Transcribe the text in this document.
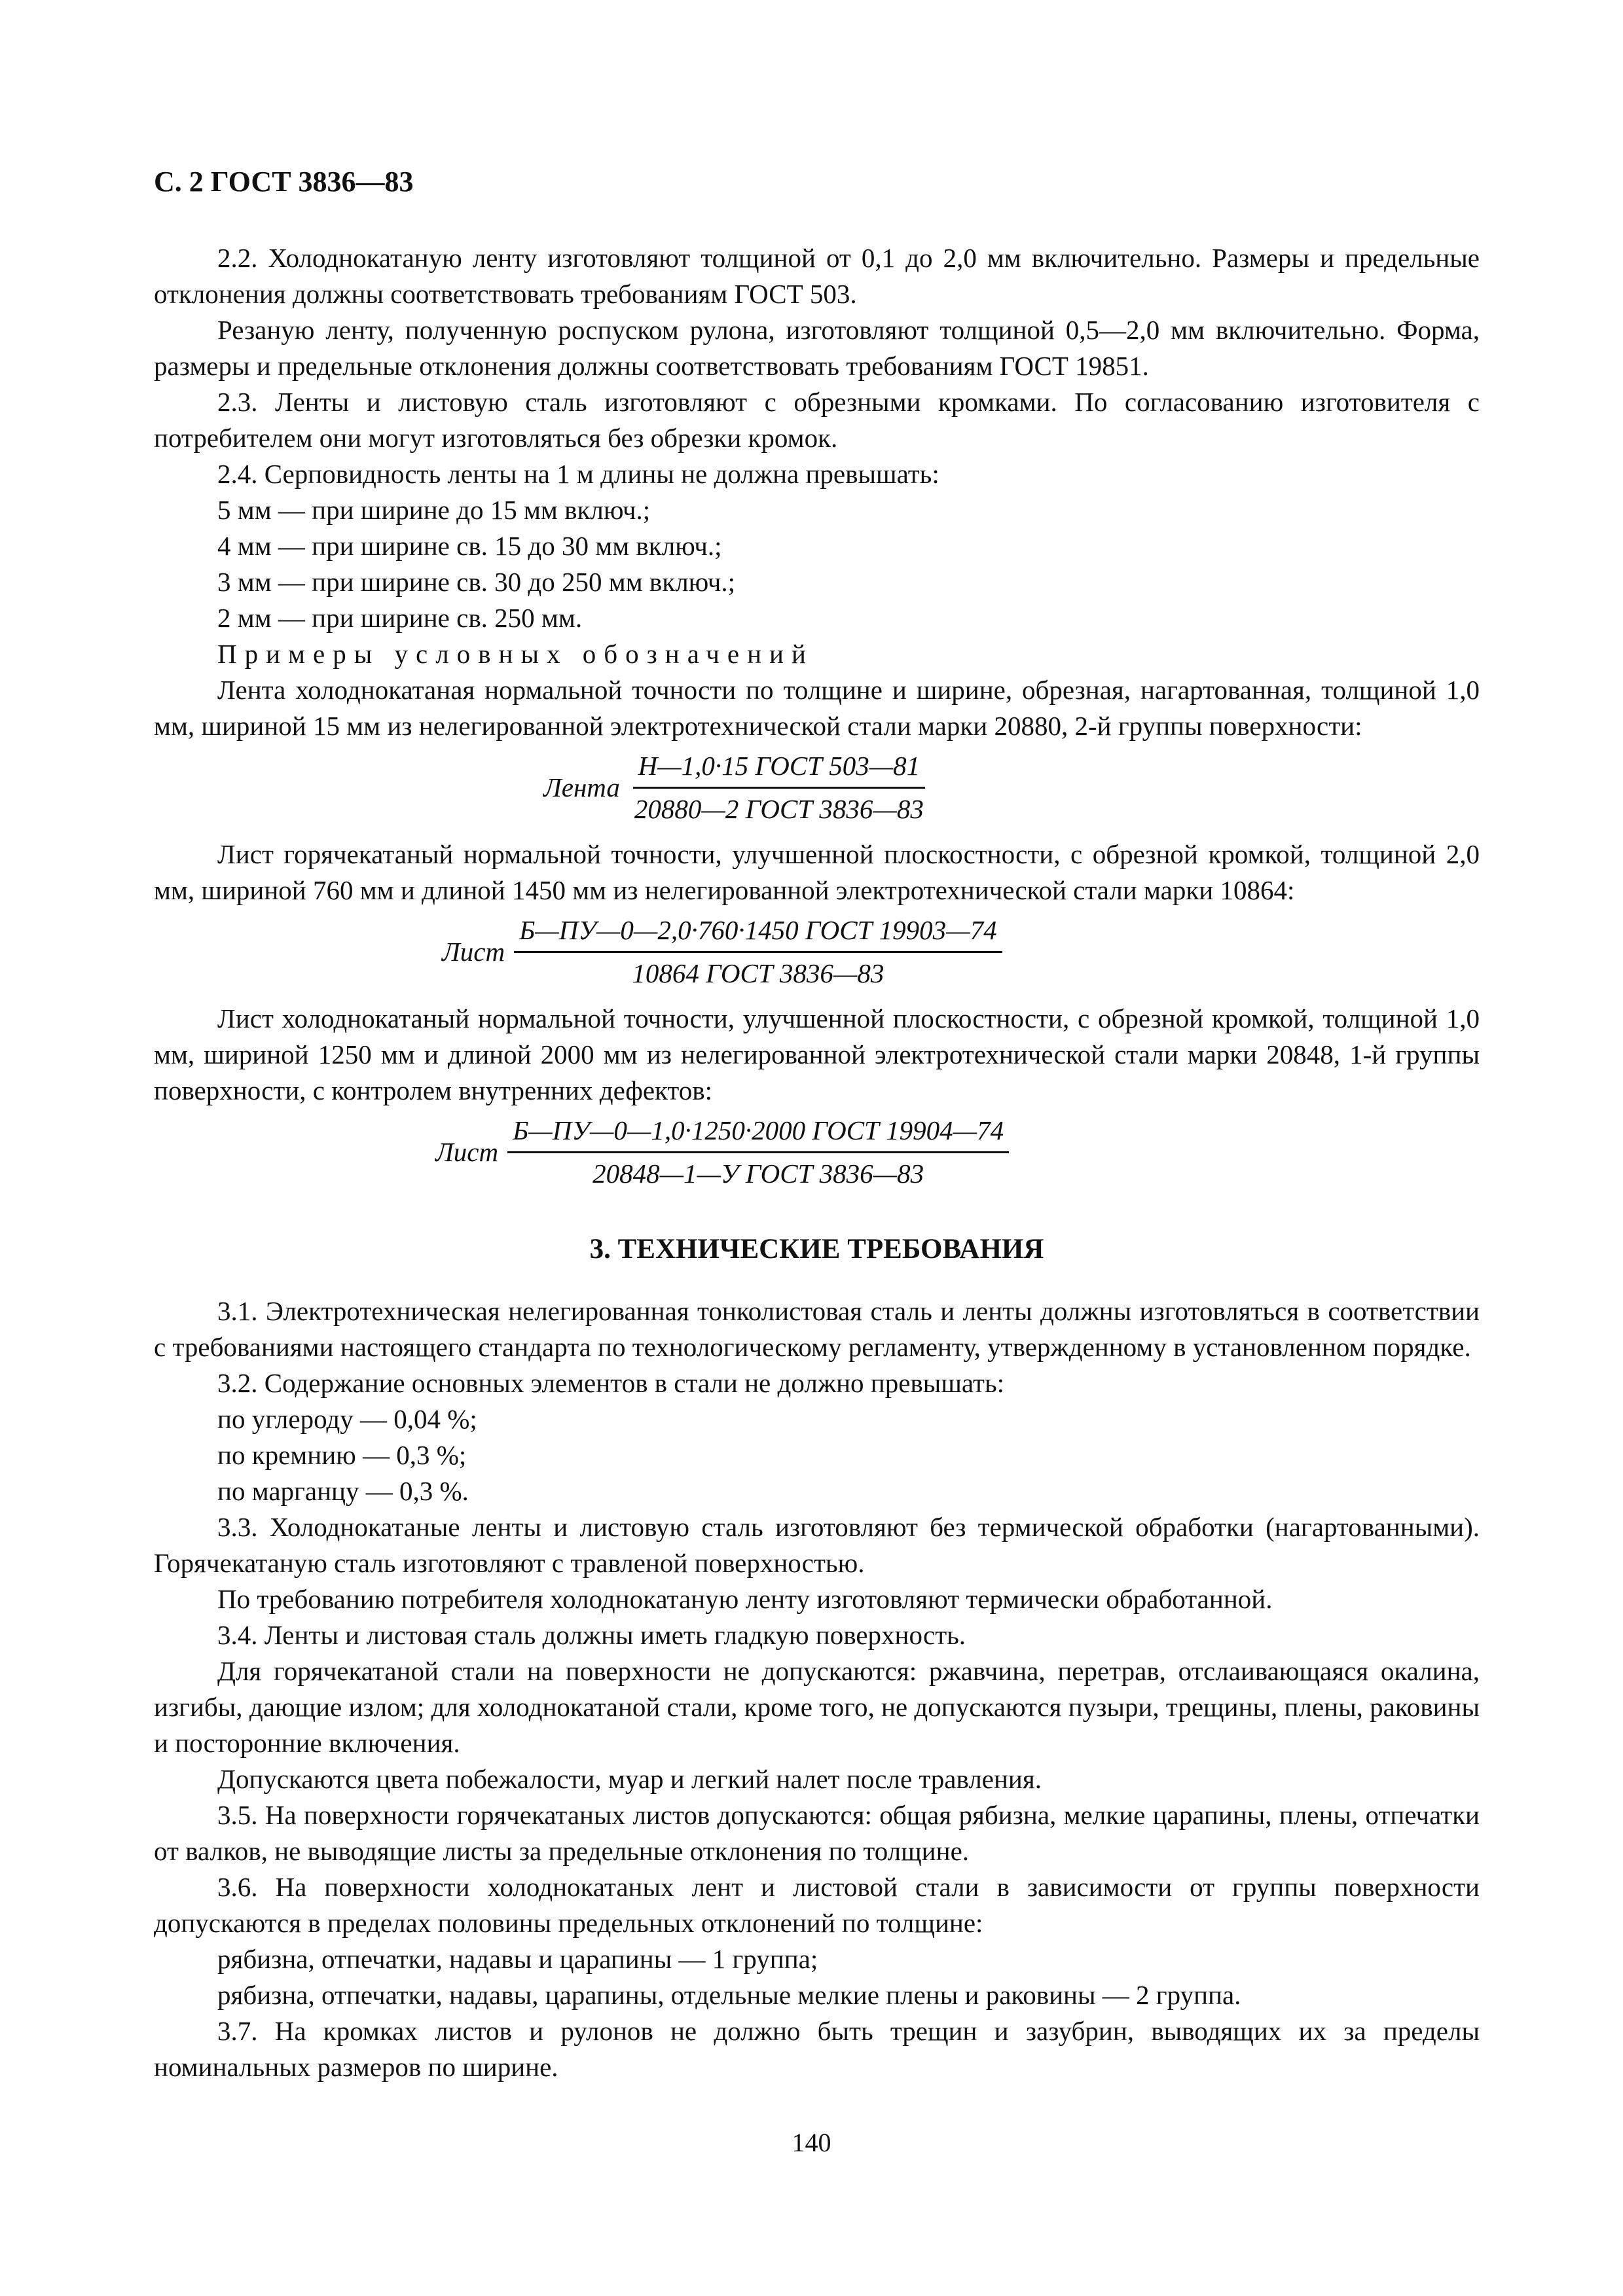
С. 2 ГОСТ 3836—83

2.2. Холоднокатаную ленту изготовляют толщиной от 0,1 до 2,0 мм включительно. Размеры и предельные отклонения должны соответствовать требованиям ГОСТ 503.

Резаную ленту, полученную роспуском рулона, изготовляют толщиной 0,5—2,0 мм включительно. Форма, размеры и предельные отклонения должны соответствовать требованиям ГОСТ 19851.

2.3. Ленты и листовую сталь изготовляют с обрезными кромками. По согласованию изготовителя с потребителем они могут изготовляться без обрезки кромок.

2.4. Серповидность ленты на 1 м длины не должна превышать:

5 мм — при ширине до 15 мм включ.;

4 мм — при ширине св. 15 до 30 мм включ.;

3 мм — при ширине св. 30 до 250 мм включ.;

2 мм — при ширине св. 250 мм.

Примеры условных обозначений

Лента холоднокатаная нормальной точности по толщине и ширине, обрезная, нагартованная, толщиной 1,0 мм, шириной 15 мм из нелегированной электротехнической стали марки 20880, 2-й группы поверхности:

Лента $\frac{\text{Н—1,0·15 ГОСТ 503—81}}{\text{20880—2 ГОСТ 3836—83}}$

Лист горячекатаный нормальной точности, улучшенной плоскостности, с обрезной кромкой, толщиной 2,0 мм, шириной 760 мм и длиной 1450 мм из нелегированной электротехнической стали марки 10864:

Лист $\frac{\text{Б—ПУ—0—2,0·760·1450 ГОСТ 19903—74}}{\text{10864 ГОСТ 3836—83}}$

Лист холоднокатаный нормальной точности, улучшенной плоскостности, с обрезной кромкой, толщиной 1,0 мм, шириной 1250 мм и длиной 2000 мм из нелегированной электротехнической стали марки 20848, 1-й группы поверхности, с контролем внутренних дефектов:

Лист $\frac{\text{Б—ПУ—0—1,0·1250·2000 ГОСТ 19904—74}}{\text{20848—1—У ГОСТ 3836—83}}$
3. ТЕХНИЧЕСКИЕ ТРЕБОВАНИЯ

3.1. Электротехническая нелегированная тонколистовая сталь и ленты должны изготовляться в соответствии с требованиями настоящего стандарта по технологическому регламенту, утвержденному в установленном порядке.

3.2. Содержание основных элементов в стали не должно превышать:

по углероду — 0,04 %;

по кремнию — 0,3 %;

по марганцу — 0,3 %.

3.3. Холоднокатаные ленты и листовую сталь изготовляют без термической обработки (нагартованными). Горячекатаную сталь изготовляют с травленой поверхностью.

По требованию потребителя холоднокатаную ленту изготовляют термически обработанной.

3.4. Ленты и листовая сталь должны иметь гладкую поверхность.

Для горячекатаной стали на поверхности не допускаются: ржавчина, перетрав, отслаивающаяся окалина, изгибы, дающие излом; для холоднокатаной стали, кроме того, не допускаются пузыри, трещины, плены, раковины и посторонние включения.

Допускаются цвета побежалости, муар и легкий налет после травления.

3.5. На поверхности горячекатаных листов допускаются: общая рябизна, мелкие царапины, плены, отпечатки от валков, не выводящие листы за предельные отклонения по толщине.

3.6. На поверхности холоднокатаных лент и листовой стали в зависимости от группы поверхности допускаются в пределах половины предельных отклонений по толщине:

рябизна, отпечатки, надавы и царапины — 1 группа;

рябизна, отпечатки, надавы, царапины, отдельные мелкие плены и раковины — 2 группа.

3.7. На кромках листов и рулонов не должно быть трещин и зазубрин, выводящих их за пределы номинальных размеров по ширине.

140
